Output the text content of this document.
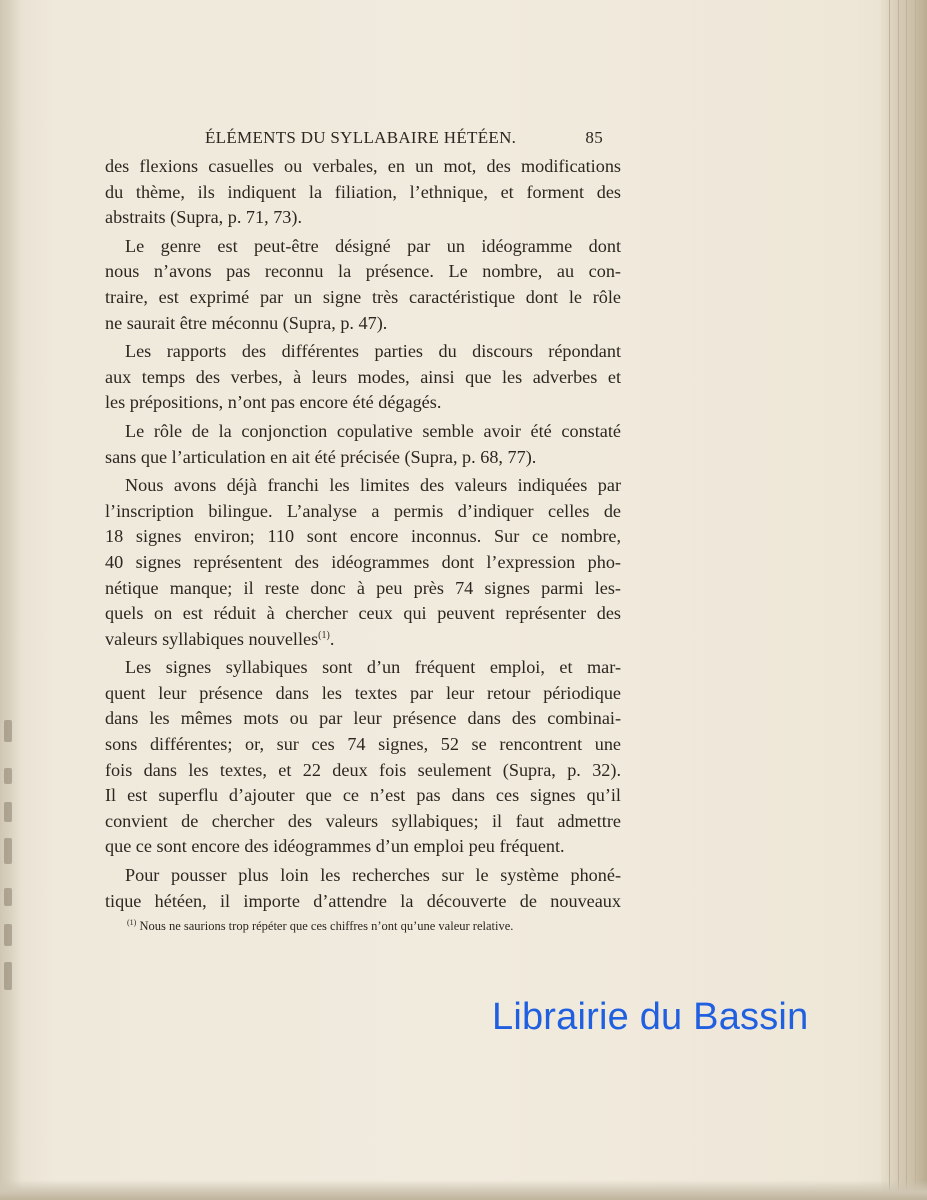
ÉLÉMENTS DU SYLLABAIRE HÉTÉEN.	85
des flexions casuelles ou verbales, en un mot, des modifications
du thème, ils indiquent la filiation, l’ethnique, et forment des
abstraits (Supra, p. 71, 73).
Le genre est peut-être désigné par un idéogramme dont
nous n’avons pas reconnu la présence. Le nombre, au con-
traire, est exprimé par un signe très caractéristique dont le rôle
ne saurait être méconnu (Supra, p. 47).
Les rapports des différentes parties du discours répondant
aux temps des verbes, à leurs modes, ainsi que les adverbes et
les prépositions, n’ont pas encore été dégagés.
Le rôle de la conjonction copulative semble avoir été constaté
sans que l’articulation en ait été précisée (Supra, p. 68, 77).
Nous avons déjà franchi les limites des valeurs indiquées par
l’inscription bilingue. L’analyse a permis d’indiquer celles de
18 signes environ; 110 sont encore inconnus. Sur ce nombre,
40 signes représentent des idéogrammes dont l’expression pho-
nétique manque; il reste donc à peu près 74 signes parmi les-
quels on est réduit à chercher ceux qui peuvent représenter des
valeurs syllabiques nouvelles$^{(1)}$.
Les signes syllabiques sont d’un fréquent emploi, et mar-
quent leur présence dans les textes par leur retour périodique
dans les mêmes mots ou par leur présence dans des combinai-
sons différentes; or, sur ces 74 signes, 52 se rencontrent une
fois dans les textes, et 22 deux fois seulement (Supra, p. 32).
Il est superflu d’ajouter que ce n’est pas dans ces signes qu’il
convient de chercher des valeurs syllabiques; il faut admettre
que ce sont encore des idéogrammes d’un emploi peu fréquent.
Pour pousser plus loin les recherches sur le système phoné-
tique hétéen, il importe d’attendre la découverte de nouveaux
$^{(1)}$ Nous ne saurions trop répéter que ces chiffres n’ont qu’une valeur relative.
Librairie du Bassin
